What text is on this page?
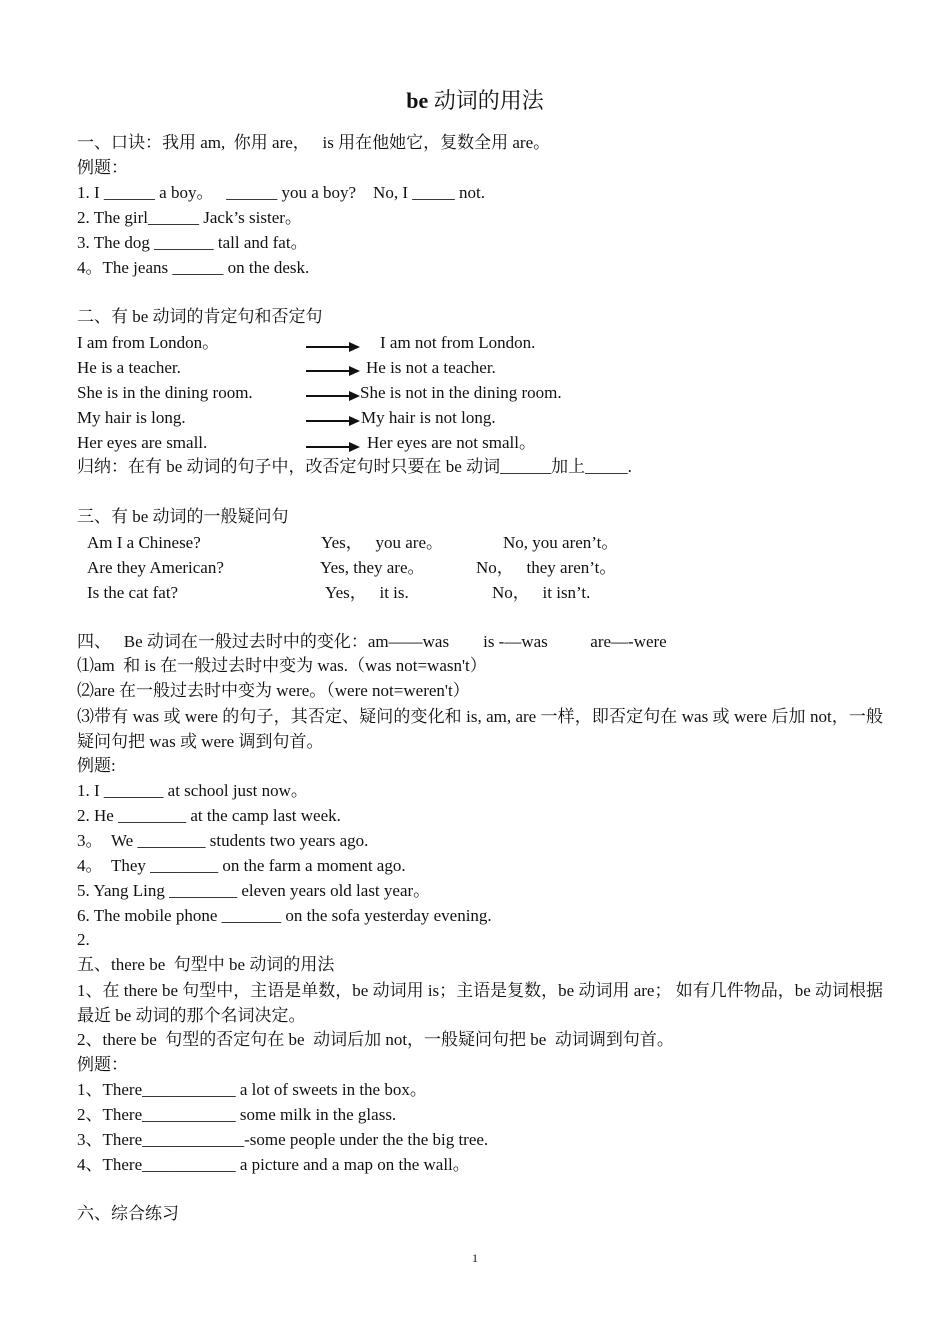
be 动词的用法
一、口诀：我用 am,  你用 are，   is 用在他她它，复数全用 are。
例题：
1. I ______ a boy。   ______ you a boy?    No, I _____ not.
2. The girl______ Jack’s sister。
3. The dog _______ tall and fat。
4。The jeans ______ on the desk.
二、有 be 动词的肯定句和否定句
I am from London。	I am not from London.
He is a teacher.	He is not a teacher.
She is in the dining room.	She is not in the dining room.
My hair is long.	My hair is not long.
Her eyes are small.	Her eyes are not small。
归纳：在有 be 动词的句子中，改否定句时只要在 be 动词______加上_____.
三、有 be 动词的一般疑问句
Am I a Chinese?	Yes，   you are。	No, you aren’t。
Are they American?	Yes, they are。	No，   they aren’t。
Is the cat fat?	Yes，   it is.	No，   it isn’t.
四、   Be 动词在一般过去时中的变化：am——was        is -—was          are—-were
⑴am  和 is 在一般过去时中变为 was.（was not=wasn't）
⑵are 在一般过去时中变为 were。（were not=weren't）
⑶带有 was 或 were 的句子，其否定、疑问的变化和 is, am, are 一样，即否定句在 was 或 were 后加 not，一般疑问句把 was 或 were 调到句首。
例题:
1. I _______ at school just now。
2. He ________ at the camp last week.
3。  We ________ students two years ago.
4。  They ________ on the farm a moment ago.
5. Yang Ling ________ eleven years old last year。
6. The mobile phone _______ on the sofa yesterday evening.
2.
五、there be  句型中 be 动词的用法
1、在 there be 句型中，主语是单数，be 动词用 is；主语是复数，be 动词用 are； 如有几件物品，be 动词根据最近 be 动词的那个名词决定。
2、there be  句型的否定句在 be  动词后加 not，一般疑问句把 be  动词调到句首。
例题：
1、There___________ a lot of sweets in the box。
2、There___________ some milk in the glass.
3、There____________-some people under the the big tree.
4、There___________ a picture and a map on the wall。
六、综合练习
1
